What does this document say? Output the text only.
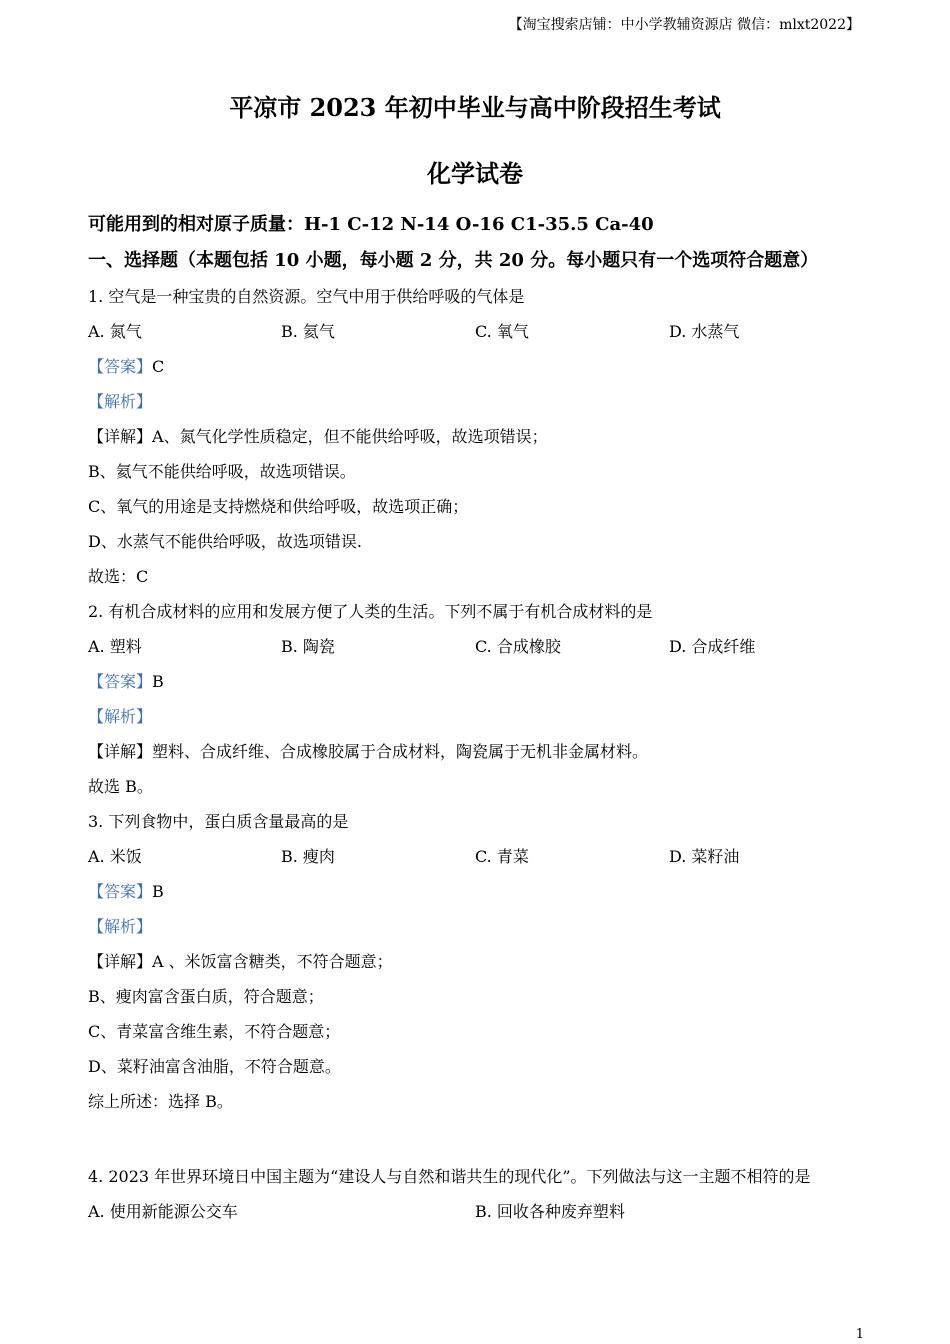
【淘宝搜索店铺：中小学教辅资源店 微信：mlxt2022】
平凉市 2023 年初中毕业与高中阶段招生考试
化学试卷
可能用到的相对原子质量：H-1 C-12 N-14 O-16 C1-35.5 Ca-40
一、选择题（本题包括 10 小题，每小题 2 分，共 20 分。每小题只有一个选项符合题意）
1. 空气是一种宝贵的自然资源。空气中用于供给呼吸的气体是
A. 氮气	B. 氦气	C. 氧气	D. 水蒸气
【答案】C
【解析】
【详解】A、氮气化学性质稳定，但不能供给呼吸，故选项错误；
B、氦气不能供给呼吸，故选项错误。
C、氧气的用途是支持燃烧和供给呼吸，故选项正确；
D、水蒸气不能供给呼吸，故选项错误.
故选：C
2. 有机合成材料的应用和发展方便了人类的生活。下列不属于有机合成材料的是
A. 塑料	B. 陶瓷	C. 合成橡胶	D. 合成纤维
【答案】B
【解析】
【详解】塑料、合成纤维、合成橡胶属于合成材料，陶瓷属于无机非金属材料。
故选 B。
3. 下列食物中，蛋白质含量最高的是
A. 米饭	B. 瘦肉	C. 青菜	D. 菜籽油
【答案】B
【解析】
【详解】A 、米饭富含糖类，不符合题意；
B、瘦肉富含蛋白质，符合题意；
C、青菜富含维生素，不符合题意；
D、菜籽油富含油脂，不符合题意。
综上所述：选择 B。
4. 2023 年世界环境日中国主题为“建设人与自然和谐共生的现代化”。下列做法与这一主题不相符的是
A. 使用新能源公交车	B. 回收各种废弃塑料
1
